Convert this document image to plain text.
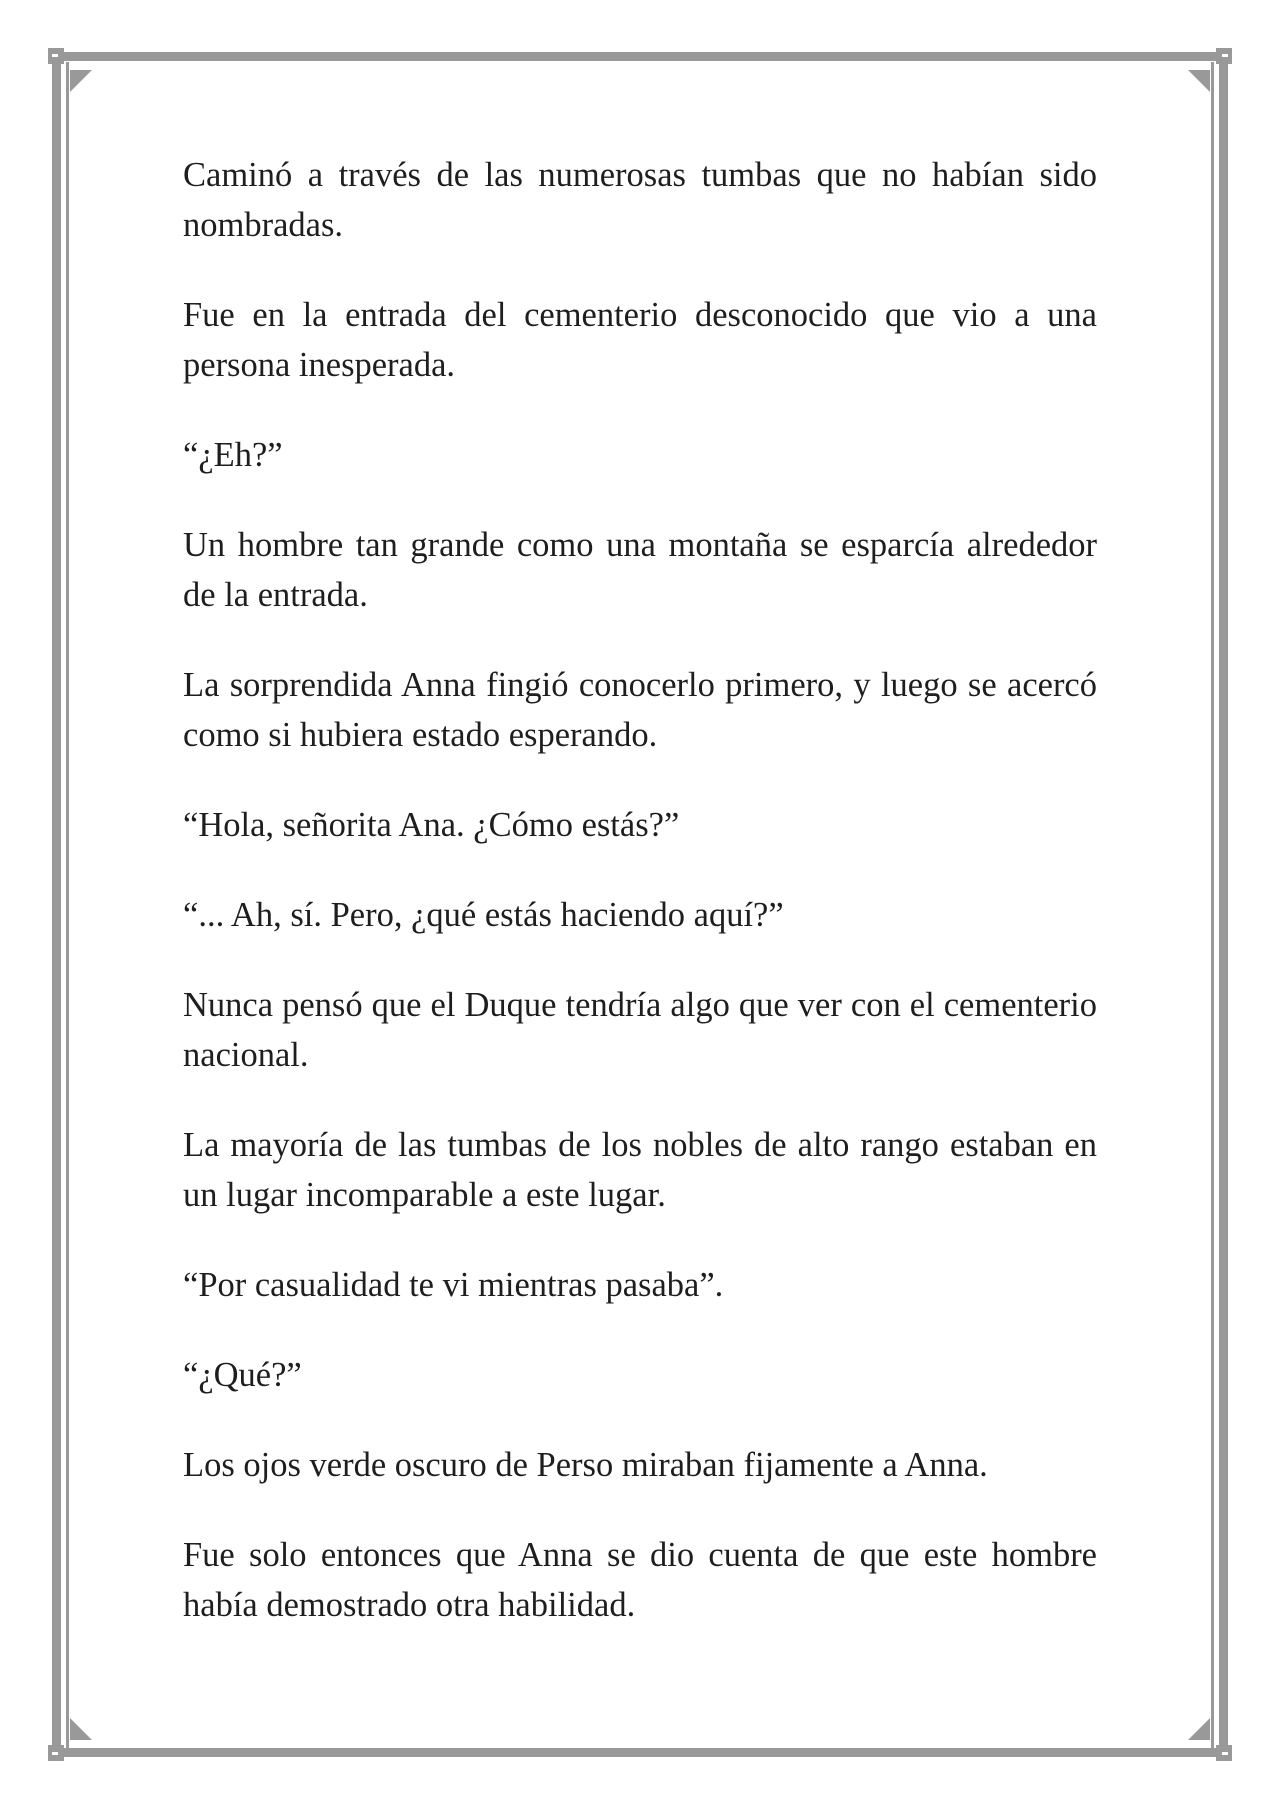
Caminó a través de las numerosas tumbas que no habían sido nombradas.

Fue en la entrada del cementerio desconocido que vio a una persona inesperada.

“¿Eh?”

Un hombre tan grande como una montaña se esparcía alrededor de la entrada.

La sorprendida Anna fingió conocerlo primero, y luego se acercó como si hubiera estado esperando.

“Hola, señorita Ana. ¿Cómo estás?”

“... Ah, sí. Pero, ¿qué estás haciendo aquí?”

Nunca pensó que el Duque tendría algo que ver con el cementerio nacional.

La mayoría de las tumbas de los nobles de alto rango estaban en un lugar incomparable a este lugar.

“Por casualidad te vi mientras pasaba”.

“¿Qué?”

Los ojos verde oscuro de Perso miraban fijamente a Anna.

Fue solo entonces que Anna se dio cuenta de que este hombre había demostrado otra habilidad.
